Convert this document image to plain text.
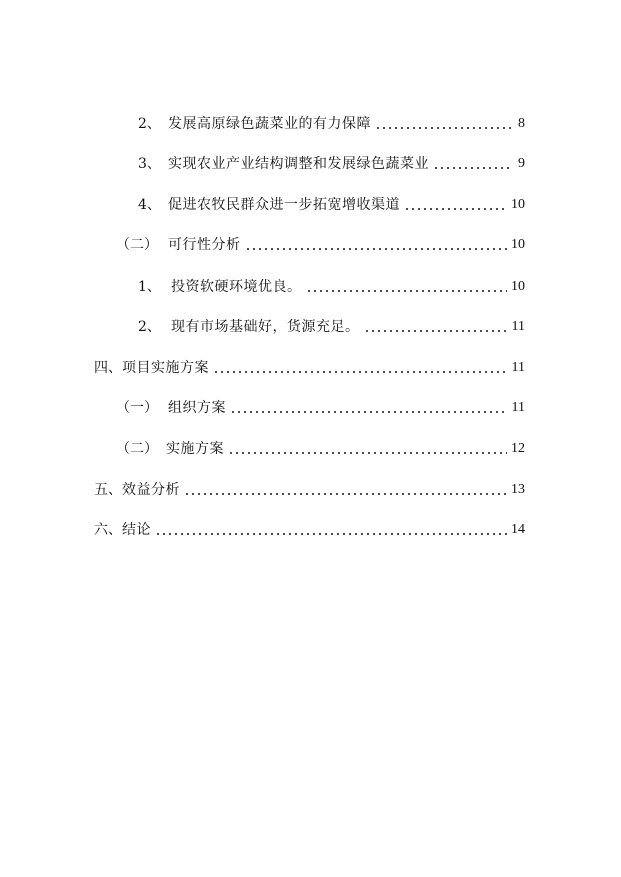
2、 发展高原绿色蔬菜业的有力保障	8
3、 实现农业产业结构调整和发展绿色蔬菜业	9
4、 促进农牧民群众进一步拓宽增收渠道	10
（二） 可行性分析	10
1、 投资软硬环境优良。	10
2、 现有市场基础好，货源充足。	11
四、 项目实施方案	11
（一） 组织方案	11
（二） 实施方案	12
五、 效益分析	13
六、 结论	14
